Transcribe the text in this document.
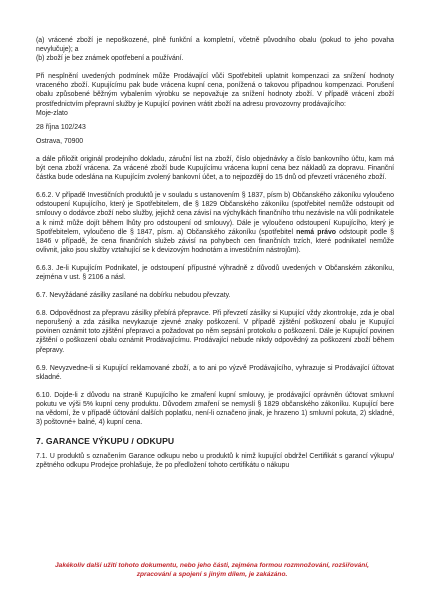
(a) vrácené zboží je nepoškozené, plně funkční a kompletní, včetně původního obalu (pokud to jeho povaha nevylučuje); a

(b) zboží je bez známek opotřebení a používání.

Při nesplnění uvedených podmínek může Prodávající vůči Spotřebiteli uplatnit kompenzaci za snížení hodnoty vraceného zboží. Kupujícímu pak bude vrácena kupní cena, ponížená o takovou případnou kompenzaci. Porušení obalu způsobené běžným vybalením výrobku se nepovažuje za snížení hodnoty zboží. V případě vrácení zboží prostřednictvím přepravní služby je Kupující povinen vrátit zboží na adresu provozovny prodávajícího:

Moje-zlato

28 října 102/243

Ostrava, 70900

a dále přiložit originál prodejního dokladu, záruční list na zboží, číslo objednávky a číslo bankovního účtu, kam má být cena zboží vrácena. Za vrácené zboží bude Kupujícímu vrácena kupní cena bez nákladů za dopravu. Finanční částka bude odeslána na Kupujícím zvolený bankovní účet, a to nejpozději do 15 dnů od převzetí vráceného zboží.

6.6.2. V případě Investičních produktů je v souladu s ustanovením § 1837, písm b) Občanského zákoníku vyloučeno odstoupení Kupujícího, který je Spotřebitelem, dle § 1829 Občanského zákoníku (spotřebitel nemůže odstoupit od smlouvy o dodávce zboží nebo služby, jejichž cena závisí na výchylkách finančního trhu nezávisle na vůli podnikatele a k nimž může dojít během lhůty pro odstoupení od smlouvy). Dále je vyloučeno odstoupení Kupujícího, který je Spotřebitelem, vyloučeno dle § 1847, písm. a) Občanského zákoníku (spotřebitel nemá právo odstoupit podle § 1846 v případě, že cena finančních služeb závisí na pohybech cen finančních trzích, které podnikatel nemůže ovlivnit, jako jsou služby vztahující se k devizovým hodnotám a investičním nástrojům).

6.6.3. Je-li Kupujícím Podnikatel, je odstoupení přípustné výhradně z důvodů uvedených v Občanském zákoníku, zejména v ust. § 2106 a násl.

6.7. Nevyžádané zásilky zasílané na dobírku nebudou převzaty.

6.8. Odpovědnost za přepravu zásilky přebírá přepravce. Při převzetí zásilky si Kupující vždy zkontroluje, zda je obal neporušený a zda zásilka nevykazuje zjevné znaky poškození. V případě zjištění poškození obalu je Kupující povinen oznámit toto zjištění přepravci a požadovat po něm sepsání protokolu o poškození. Dále je Kupující povinen zjištění o poškození obalu oznámit Prodávajícímu. Prodávající nebude nikdy odpovědný za poškození zboží během přepravy.

6.9. Nevyzvedne-li si Kupující reklamované zboží, a to ani po výzvě Prodávajícího, vyhrazuje si Prodávající účtovat skladné.

6.10. Dojde-li z důvodu na straně Kupujícího ke zmaření kupní smlouvy, je prodávající oprávněn účtovat smluvní pokutu ve výši 5% kupní ceny produktu. Důvodem zmaření se nemyslí § 1829 občanského zákoníku. Kupující bere na vědomí, že v případě účtování dalších poplatku, není-li označeno jinak, je hrazeno 1) smluvní pokuta, 2) skladné, 3) poštovné+ balné, 4) kupní cena.

7. GARANCE VÝKUPU / ODKUPU

7.1. U produktů s označením Garance odkupu nebo u produktů k nimž kupující obdržel Certifikát s garancí výkupu/ zpětného odkupu Prodejce prohlašuje, že po předložení tohoto certifikátu o nákupu

Jakékoliv další užití tohoto dokumentu, nebo jeho části, zejména formou rozmnožování, rozšiřování,
zpracování a spojení s jiným dílem, je zakázáno.
